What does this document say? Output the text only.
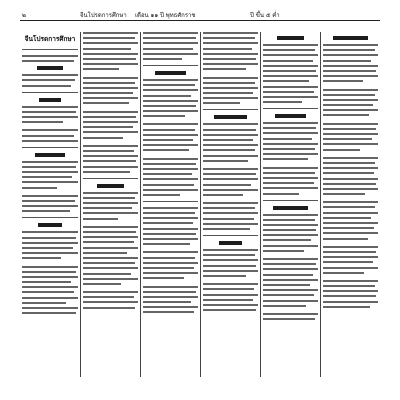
๒	จีนโปรดการศึกษา เดือน ๑๑ ปี พุทธศักราช	ปี ขึ้น ๕ ค่ำ
จีนโปรดการศึกษา
